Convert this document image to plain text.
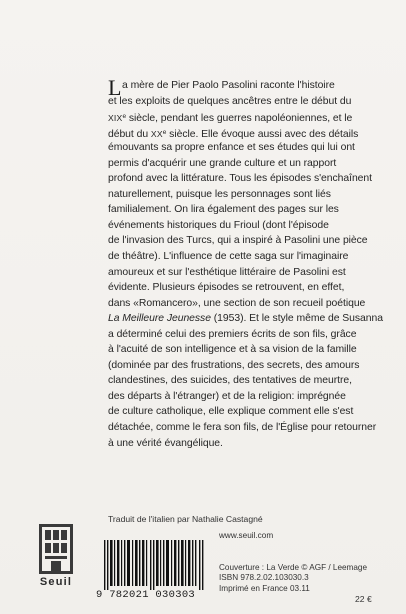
L a mère de Pier Paolo Pasolini raconte l'histoire
et les exploits de quelques ancêtres entre le début du
XIXe siècle, pendant les guerres napoléoniennes, et le
début du XXe siècle. Elle évoque aussi avec des détails
émouvants sa propre enfance et ses études qui lui ont
permis d'acquérir une grande culture et un rapport
profond avec la littérature. Tous les épisodes s'enchaînent
naturellement, puisque les personnages sont liés
familialement. On lira également des pages sur les
événements historiques du Frioul (dont l'épisode
de l'invasion des Turcs, qui a inspiré à Pasolini une pièce
de théâtre). L'influence de cette saga sur l'imaginaire
amoureux et sur l'esthétique littéraire de Pasolini est
évidente. Plusieurs épisodes se retrouvent, en effet,
dans «Romancero», une section de son recueil poétique
La Meilleure Jeunesse (1953). Et le style même de Susanna
a déterminé celui des premiers écrits de son fils, grâce
à l'acuité de son intelligence et à sa vision de la famille
(dominée par des frustrations, des secrets, des amours
clandestines, des suicides, des tentatives de meurtre,
des départs à l'étranger) et de la religion: imprégnée
de culture catholique, elle explique comment elle s'est
détachée, comme le fera son fils, de l'Église pour retourner
à une vérité évangélique.
Traduit de l'italien par Nathalie Castagné
Seuil
9 782021 030303
www.seuil.com
Couverture : La Verde © AGF / Leemage
ISBN 978.2.02.103030.3
Imprimé en France 03.11
22 €
